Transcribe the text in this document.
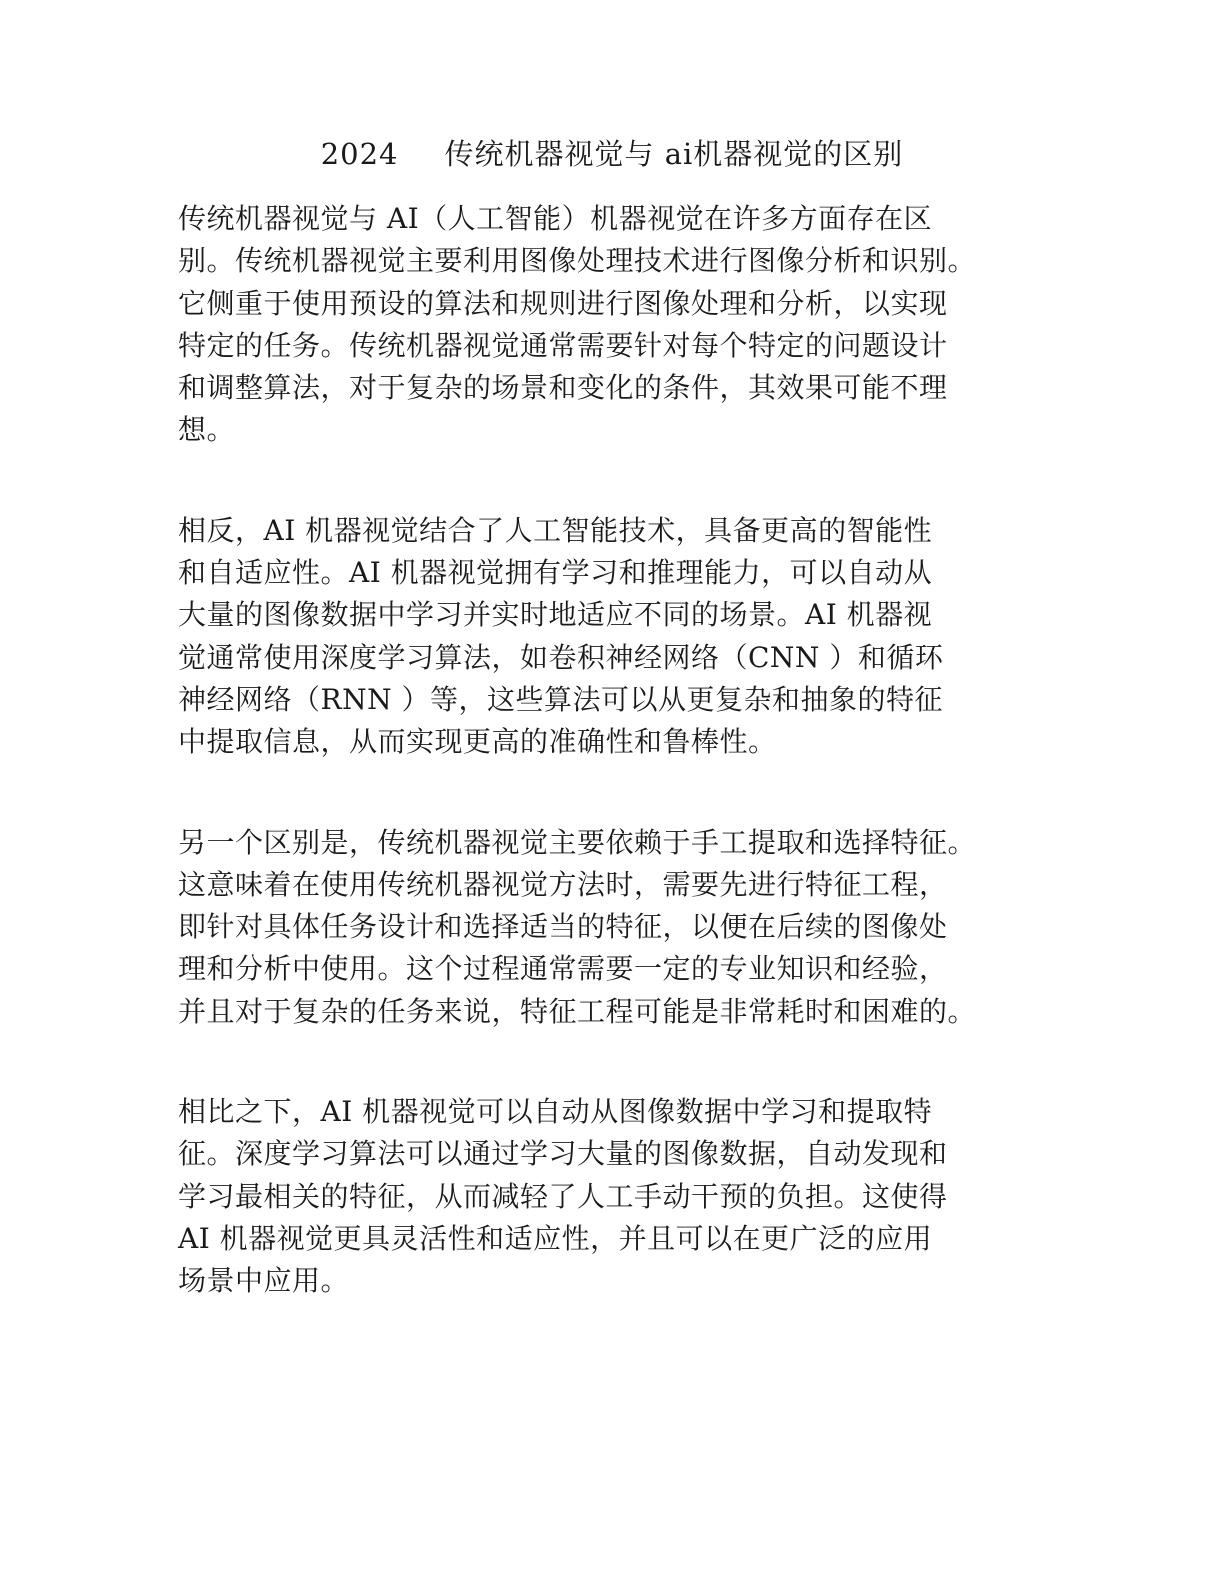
2024 传统机器视觉与 ai机器视觉的区别
传统机器视觉与 AI（人工智能）机器视觉在许多方面存在区
别。传统机器视觉主要利用图像处理技术进行图像分析和识别。
它侧重于使用预设的算法和规则进行图像处理和分析，以实现
特定的任务。传统机器视觉通常需要针对每个特定的问题设计
和调整算法，对于复杂的场景和变化的条件，其效果可能不理
想。
相反，AI 机器视觉结合了人工智能技术，具备更高的智能性
和自适应性。AI 机器视觉拥有学习和推理能力，可以自动从
大量的图像数据中学习并实时地适应不同的场景。AI 机器视
觉通常使用深度学习算法，如卷积神经网络（CNN ）和循环
神经网络（RNN ）等，这些算法可以从更复杂和抽象的特征
中提取信息，从而实现更高的准确性和鲁棒性。
另一个区别是，传统机器视觉主要依赖于手工提取和选择特征。
这意味着在使用传统机器视觉方法时，需要先进行特征工程，
即针对具体任务设计和选择适当的特征，以便在后续的图像处
理和分析中使用。这个过程通常需要一定的专业知识和经验，
并且对于复杂的任务来说，特征工程可能是非常耗时和困难的。
相比之下，AI 机器视觉可以自动从图像数据中学习和提取特
征。深度学习算法可以通过学习大量的图像数据，自动发现和
学习最相关的特征，从而减轻了人工手动干预的负担。这使得
AI 机器视觉更具灵活性和适应性，并且可以在更广泛的应用
场景中应用。
